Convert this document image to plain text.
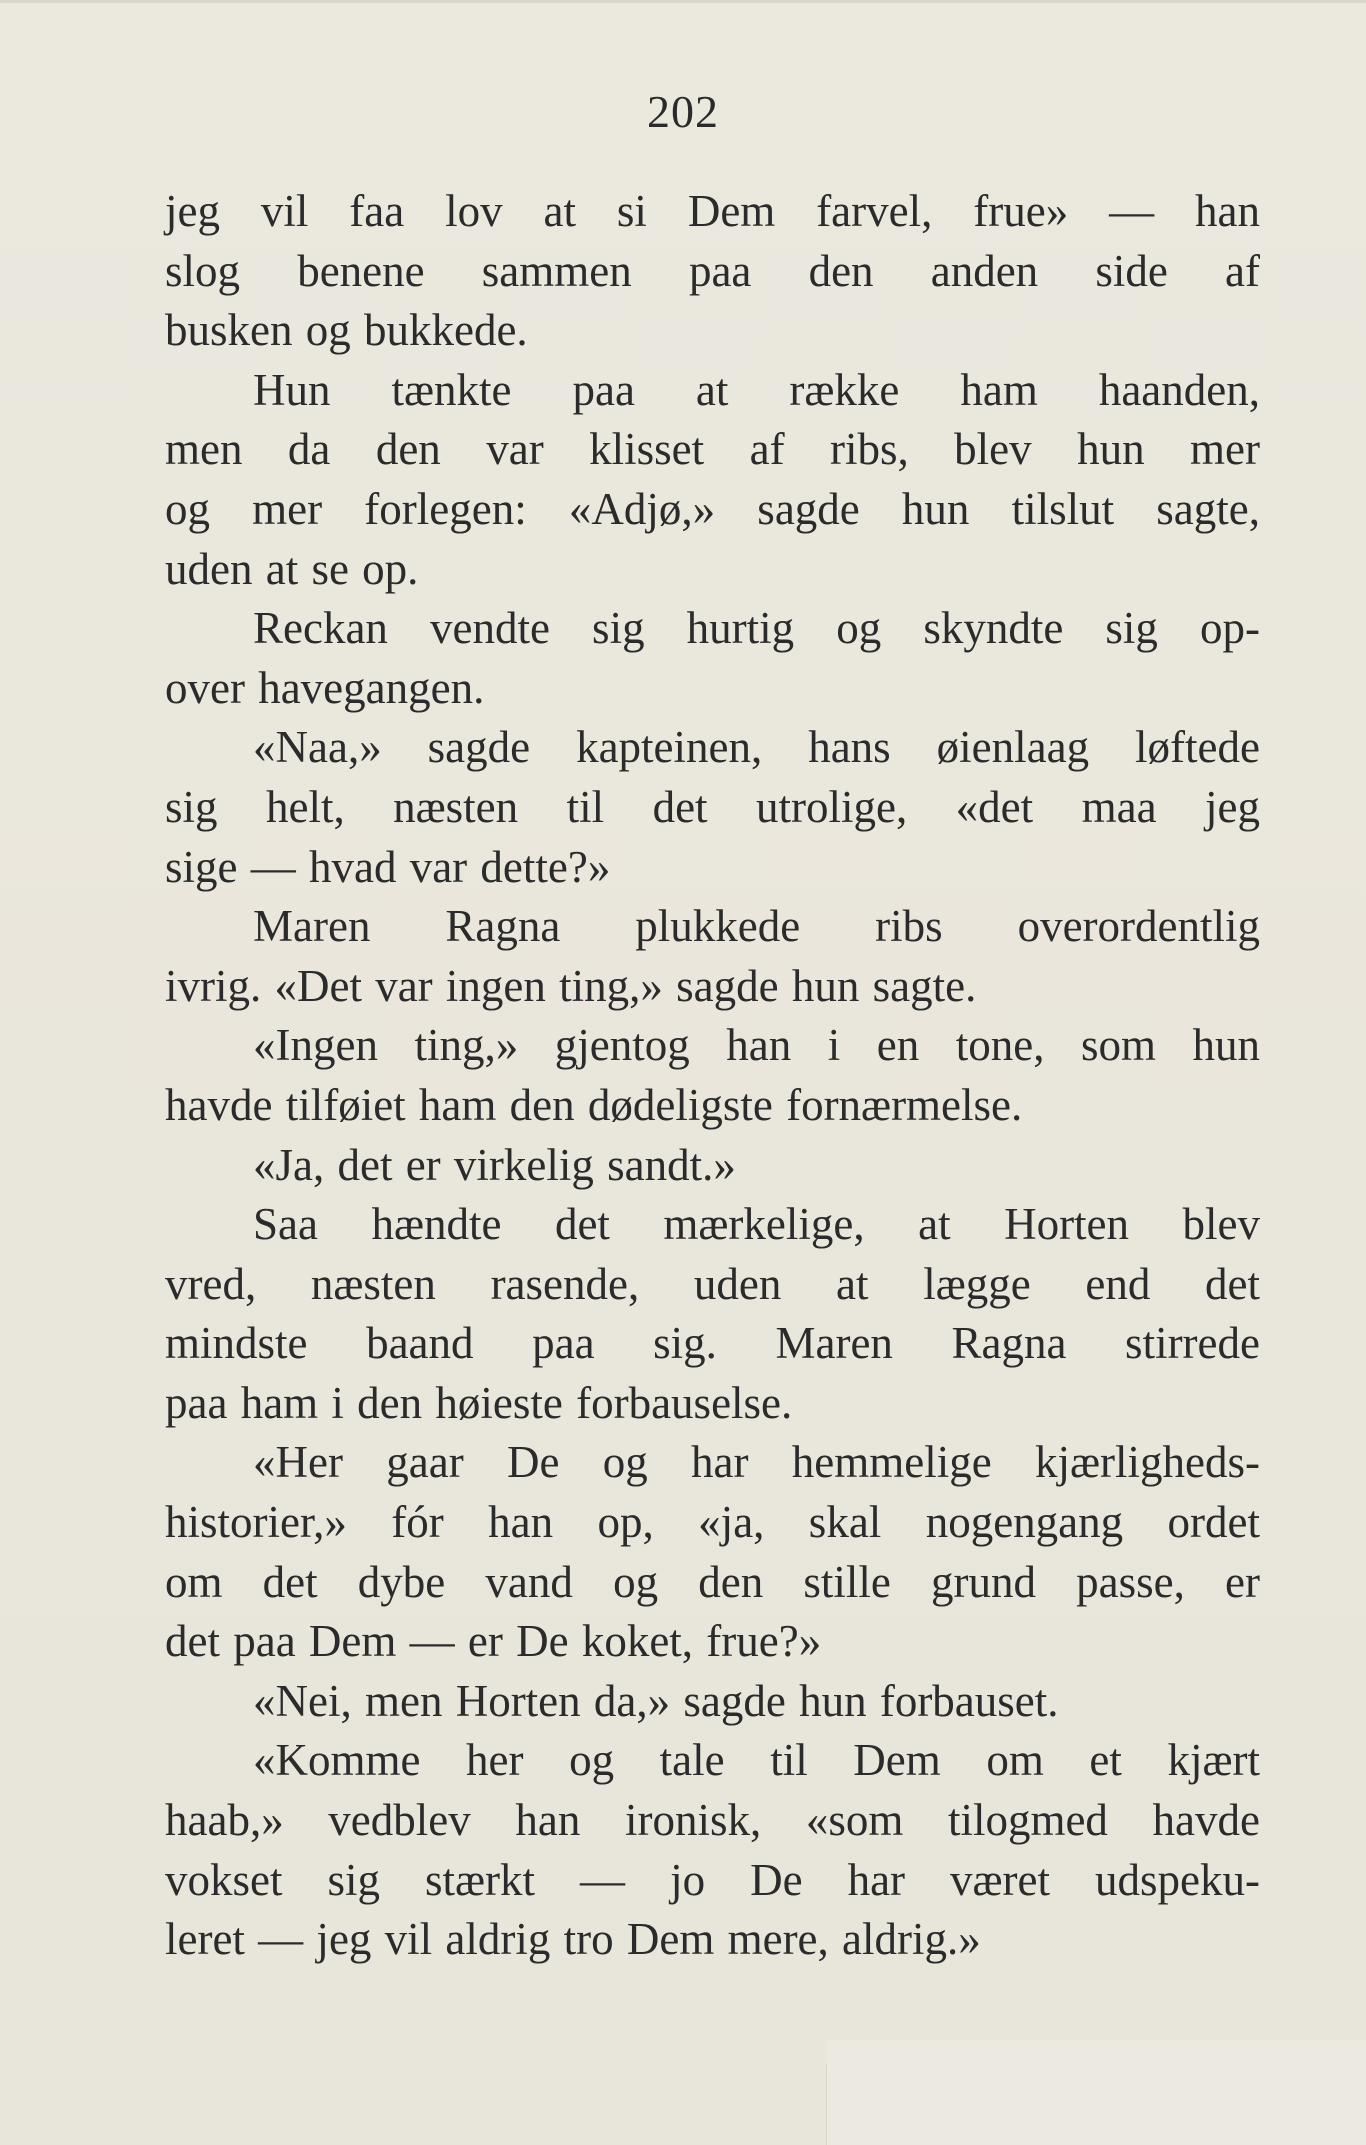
202
jeg vil faa lov at si Dem farvel, frue» — han
slog benene sammen paa den anden side af
busken og bukkede.
Hun tænkte paa at række ham haanden,
men da den var klisset af ribs, blev hun mer
og mer forlegen: «Adjø,» sagde hun tilslut sagte,
uden at se op.
Reckan vendte sig hurtig og skyndte sig op-
over havegangen.
«Naa,» sagde kapteinen, hans øienlaag løftede
sig helt, næsten til det utrolige, «det maa jeg
sige — hvad var dette?»
Maren Ragna plukkede ribs overordentlig
ivrig. «Det var ingen ting,» sagde hun sagte.
«Ingen ting,» gjentog han i en tone, som hun
havde tilføiet ham den dødeligste fornærmelse.
«Ja, det er virkelig sandt.»
Saa hændte det mærkelige, at Horten blev
vred, næsten rasende, uden at lægge end det
mindste baand paa sig. Maren Ragna stirrede
paa ham i den høieste forbauselse.
«Her gaar De og har hemmelige kjærligheds-
historier,» fór han op, «ja, skal nogengang ordet
om det dybe vand og den stille grund passe, er
det paa Dem — er De koket, frue?»
«Nei, men Horten da,» sagde hun forbauset.
«Komme her og tale til Dem om et kjært
haab,» vedblev han ironisk, «som tilogmed havde
vokset sig stærkt — jo De har været udspeku-
leret — jeg vil aldrig tro Dem mere, aldrig.»
